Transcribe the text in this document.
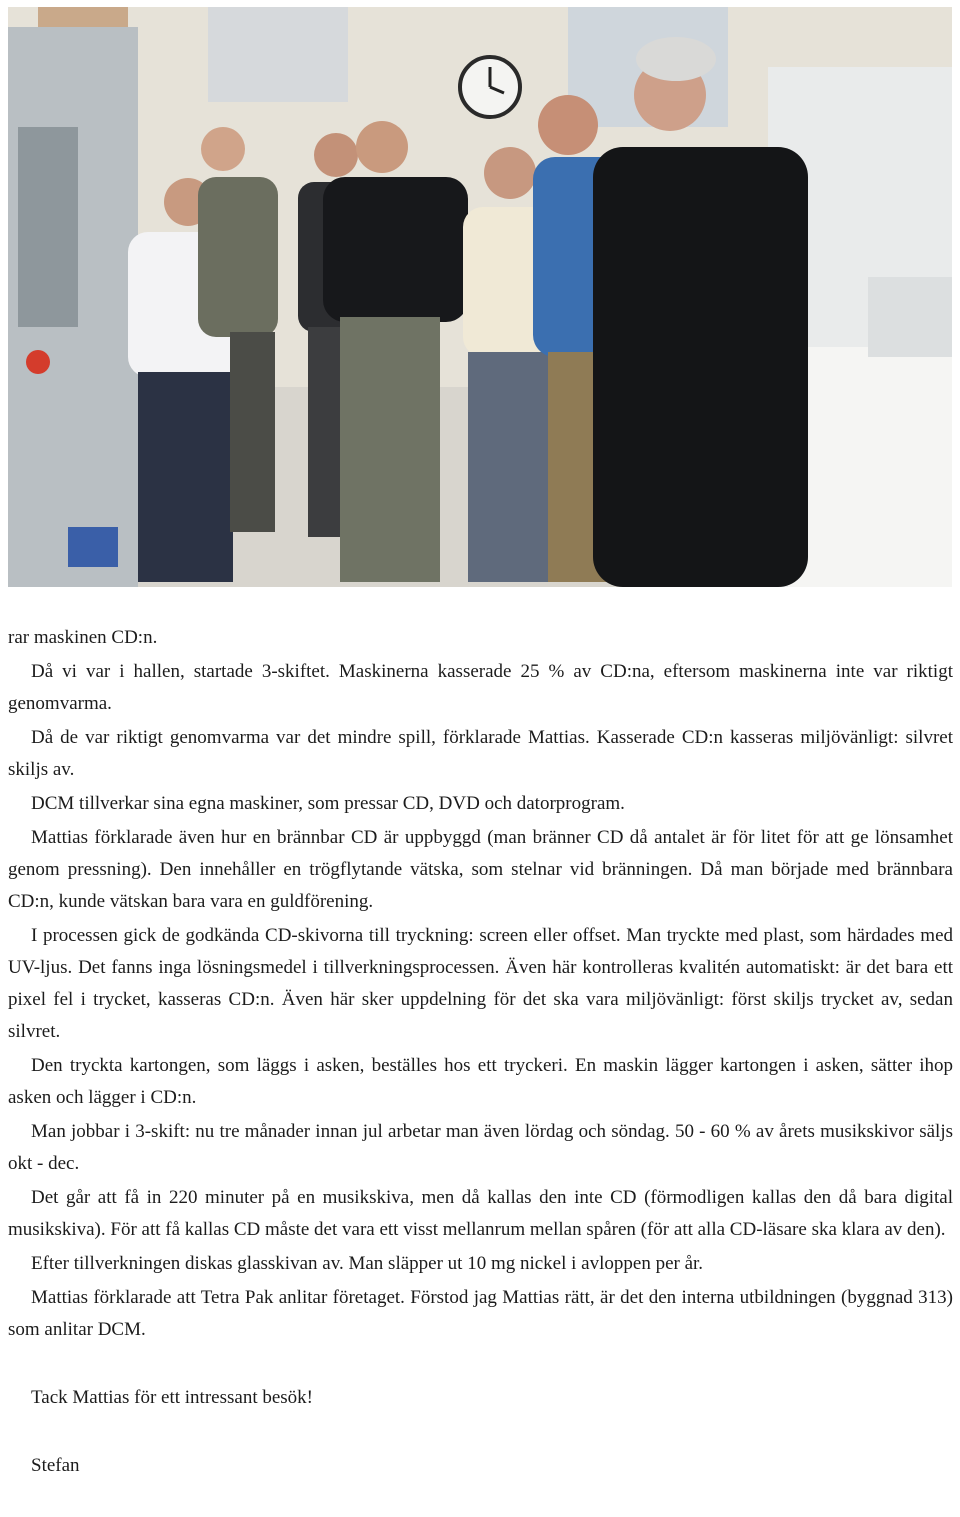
rar maskinen CD:n.

Då vi var i hallen, startade 3-skiftet. Maskinerna kasserade 25 % av CD:na, eftersom maskinerna inte var riktigt genomvarma.

Då de var riktigt genomvarma var det mindre spill, förklarade Mattias. Kasserade CD:n kasseras miljövänligt: silvret skiljs av.

DCM tillverkar sina egna maskiner, som pressar CD, DVD och datorprogram.

Mattias förklarade även hur en brännbar CD är uppbyggd (man bränner CD då antalet är för litet för att ge lönsamhet genom pressning). Den innehåller en trögflytande vätska, som stelnar vid bränningen. Då man började med brännbara CD:n, kunde vätskan bara vara en guldförening.

I processen gick de godkända CD-skivorna till tryckning: screen eller offset. Man tryckte med plast, som härdades med UV-ljus. Det fanns inga lösningsmedel i tillverkningsprocessen. Även här kontrolleras kvalitén automatiskt: är det bara ett pixel fel i trycket, kasseras CD:n. Även här sker uppdelning för det ska vara miljövänligt: först skiljs trycket av, sedan silvret.

Den tryckta kartongen, som läggs i asken, beställes hos ett tryckeri. En maskin lägger kartongen i asken, sätter ihop asken och lägger i CD:n.

Man jobbar i 3-skift: nu tre månader innan jul arbetar man även lördag och söndag. 50 - 60 % av årets musikskivor säljs okt - dec.

Det går att få in 220 minuter på en musikskiva, men då kallas den inte CD (förmodligen kallas den då bara digital musikskiva). För att få kallas CD måste det vara ett visst mellanrum mellan spåren (för att alla CD-läsare ska klara av den).

Efter tillverkningen diskas glasskivan av. Man släpper ut 10 mg nickel i avloppen per år.

Mattias förklarade att Tetra Pak anlitar företaget. Förstod jag Mattias rätt, är det den interna utbildningen (byggnad 313) som anlitar DCM.

Tack Mattias för ett intressant besök!

Stefan
